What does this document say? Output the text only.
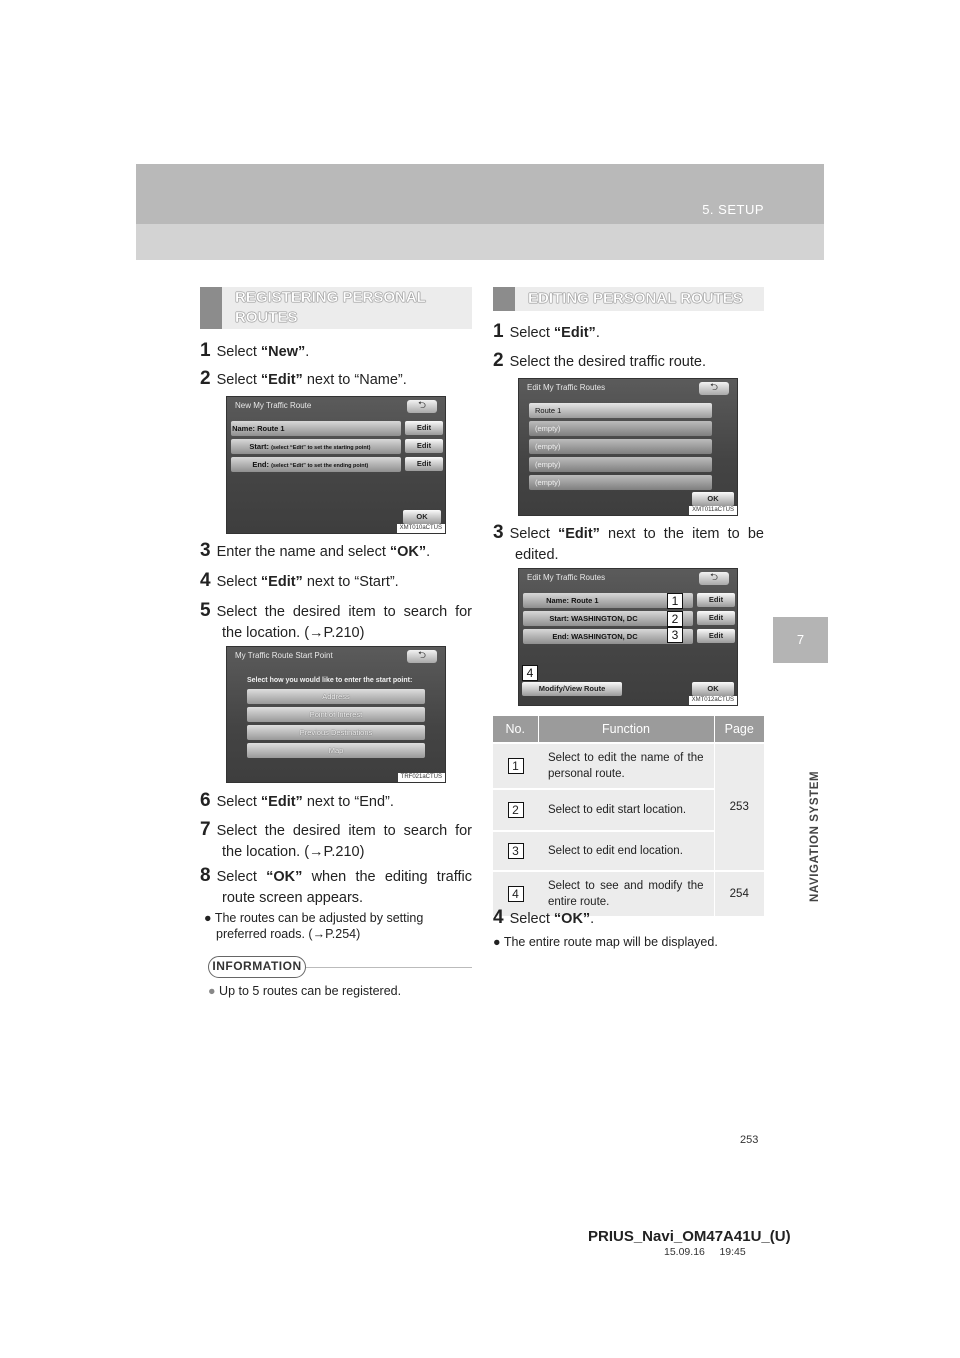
5. SETUP
7
NAVIGATION SYSTEM
REGISTERING PERSONAL ROUTES
1 Select “New”.
2 Select “Edit” next to “Name”.
New My Traffic Route	⮌
Name: Route 1	Edit
Start: (select “Edit” to set the starting point)	Edit
End: (select “Edit” to set the ending point)	Edit
OK
XMT010aCTUS
3 Enter the name and select “OK”.
4 Select “Edit” next to “Start”.
5 Select the desired item to search for the location. (→P.210)
My Traffic Route Start Point	⮌
Select how you would like to enter the start point:
Address
Point of Interest
Previous Destinations
Map
TRF021aCTUS
6 Select “Edit” next to “End”.
7 Select the desired item to search for the location. (→P.210)
8 Select “OK” when the editing traffic route screen appears.
● The routes can be adjusted by setting preferred roads. (→P.254)
INFORMATION
● Up to 5 routes can be registered.
EDITING PERSONAL ROUTES
1 Select “Edit”.
2 Select the desired traffic route.
Edit My Traffic Routes	⮌
Route 1
(empty)
(empty)
(empty)
(empty)
OK
XMT011aCTUS
3 Select “Edit” next to the item to be edited.
Edit My Traffic Routes	⮌
Name: Route 1	1	Edit
Start: WASHINGTON, DC	2	Edit
End: WASHINGTON, DC	3	Edit
4
Modify/View Route	OK
XMT012aCTUS
No.	Function	Page
1	Select to edit the name of the personal route.	253
2	Select to edit start location.	
3	Select to edit end location.	
4	Select to see and modify the entire route.	254
4 Select “OK”.
● The entire route map will be displayed.
253
PRIUS_Navi_OM47A41U_(U)
15.09.16     19:45
